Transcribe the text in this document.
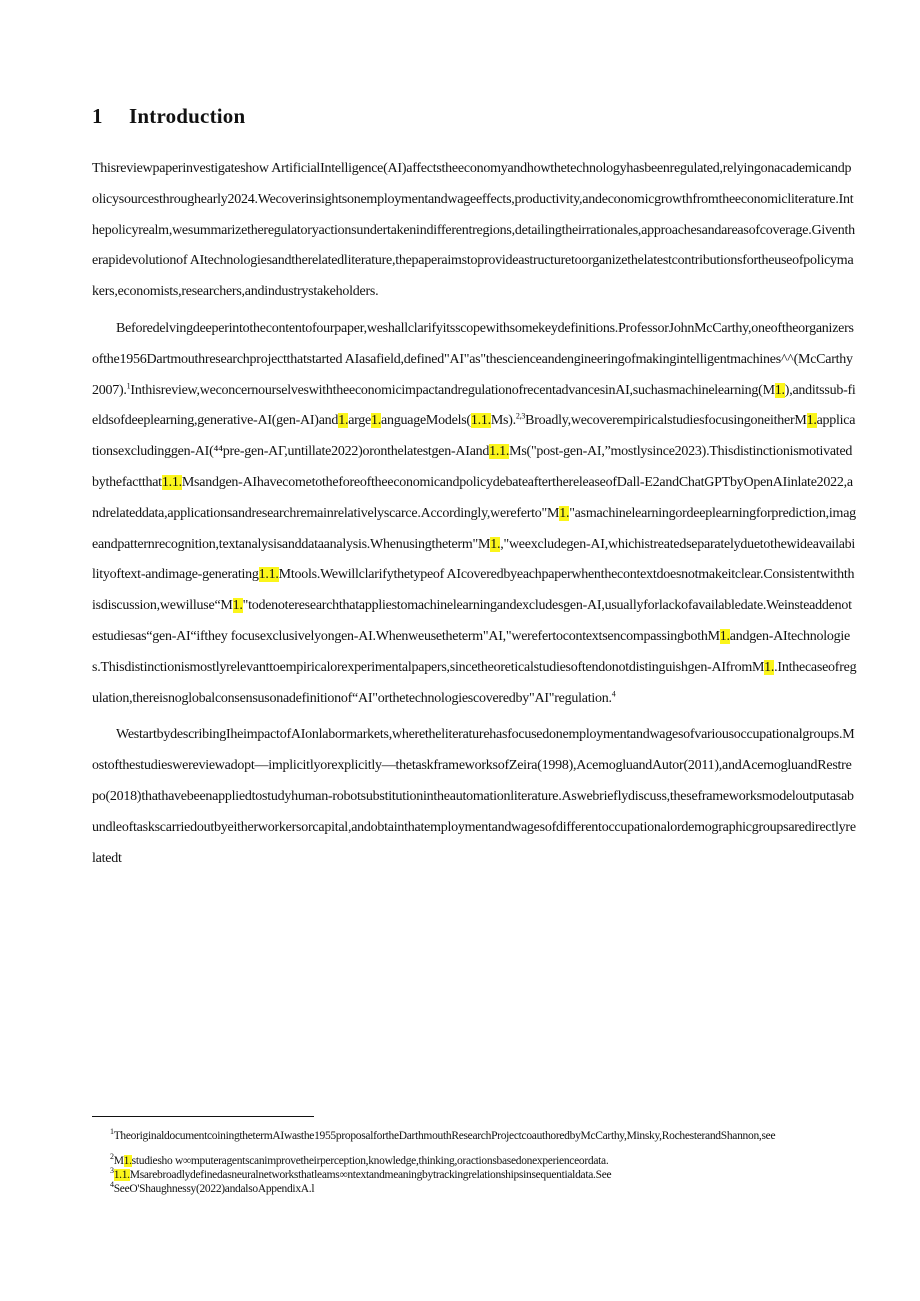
1 Introduction

Thisreviewpaperinvestigateshow ArtificialIntelligence(AI)affectstheeconomyandhowthetechnologyhasbeenregulated,relyingonacademicandpolicysourcesthroughearly2024.Wecoverinsightsonemploymentandwageeffects,productivity,andeconomicgrowthfromtheeconomicliterature.Inthepolicyrealm,wesummarizetheregulatoryactionsundertakenindifferentregions,detailingtheirrationales,approachesandareasofcoverage.Giventherapidevolutionof AItechnologiesandtherelatedliterature,thepaperaimstoprovideastructuretoorganizethelatestcontributionsfortheuseofpolicymakers,economists,researchers,andindustrystakeholders.

Beforedelvingdeeperintothecontentofourpaper,weshallclarifyitsscopewithsomekeydefinitions.ProfessorJohnMcCarthy,oneoftheorganizersofthe1956Dartmouthresearchprojectthatstarted AIasafield,defined"AI"as"thescienceandengineeringofmakingintelligentmachines^^(McCarthy2007).$^1$Inthisreview,weconcernourselveswiththeeconomicimpactandregulationofrecentadvancesinAI,suchasmachinelearning(M1.),anditssub-fieldsofdeeplearning,generative-AI(gen-AI)and1.arge1.anguageModels(1.1.Ms).$^{2,3}$Broadly,wecoverempiricalstudiesfocusingoneitherM1.applicationsexcludinggen-AI(⁴⁴pre-gen-AΓ,untillate2022)oronthelatestgen-AIand1.1.Ms("post-gen-AI,”mostlysince2023).Thisdistinctionismotivatedbythefactthat1.1.Msandgen-AIhavecometotheforeoftheeconomicandpolicydebateafterthereleaseofDall-E2andChatGPTbyOpenAIinlate2022,andrelateddata,applicationsandresearchremainrelativelyscarce.Accordingly,wereferto"M1."asmachinelearningordeeplearningforprediction,imageandpatternrecognition,textanalysisanddataanalysis.Whenusingtheterm"M1.,"weexcludegen-AI,whichistreatedseparatelyduetothewideavailabilityoftext-andimage-generating1.1.Mtools.Wewillclarifythetypeof AIcoveredbyeachpaperwhenthecontextdoesnotmakeitclear.Consistentwiththisdiscussion,wewilluse“M1."todenoteresearchthatappliestomachinelearningandexcludesgen-AI,usuallyforlackofavailabledate.Weinsteaddenotestudiesas“gen-AI“ifthey focusexclusivelyongen-AI.Whenweusetheterm"AI,"werefertocontextsencompassingbothM1.andgen-AItechnologies.Thisdistinctionismostlyrelevanttoempiricalorexperimentalpapers,sincetheoreticalstudiesoftendonotdistinguishgen-AIfromM1..Inthecaseofregulation,thereisnoglobalconsensusonadefinitionof“AI"orthetechnologiescoveredby"AI"regulation.$^4$

WestartbydescribingIheimpactofAIonlabormarkets,wheretheliteraturehasfocusedonemploymentandwagesofvariousoccupationalgroups.Mostofthestudieswereviewadopt—implicitlyorexplicitly—thetaskframeworksofZeira(1998),AcemogluandAutor(2011),andAcemogluandRestrepo(2018)thathavebeenappliedtostudyhuman-robotsubstitutionintheautomationliterature.Aswebrieflydiscuss,theseframeworksmodeloutputasabundleoftaskscarriedoutbyeitherworkersorcapital,andobtainthatemploymentandwagesofdifferentoccupationalordemographicgroupsaredirectlyrelatedt

$^1$TheoriginaldocumentcoiningthetermAIwasthe1955proposalfortheDarthmouthResearchProjectcoauthoredbyMcCarthy,Minsky,RochesterandShannon,see

$^2$M1.studiesho w∞mputeragentscanimprovetheirperception,knowledge,thinking,oractionsbasedonexperienceordata.

$^3$1.1.Msarebroadlydefinedasneuralnetworksthatleams∞ntextandmeaningbytrackingrelationshipsinsequentialdata.See

$^4$SeeO'Shaughnessy(2022)andalsoAppendixA.l
